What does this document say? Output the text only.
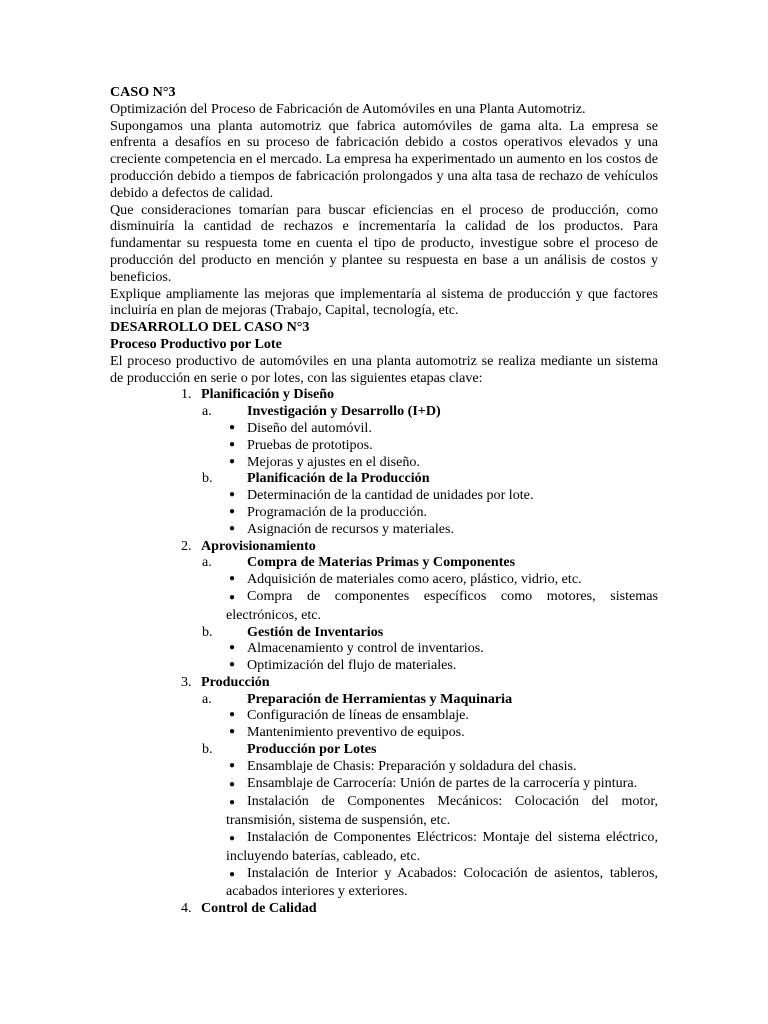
CASO N°3
Optimización del Proceso de Fabricación de Automóviles en una Planta Automotriz.
Supongamos una planta automotriz que fabrica automóviles de gama alta. La empresa se enfrenta a desafíos en su proceso de fabricación debido a costos operativos elevados y una creciente competencia en el mercado. La empresa ha experimentado un aumento en los costos de producción debido a tiempos de fabricación prolongados y una alta tasa de rechazo de vehículos debido a defectos de calidad.
Que consideraciones tomarían para buscar eficiencias en el proceso de producción, como disminuiría la cantidad de rechazos e incrementaría la calidad de los productos. Para fundamentar su respuesta tome en cuenta el tipo de producto, investigue sobre el proceso de producción del producto en mención y plantee su respuesta en base a un análisis de costos y beneficios.
Explique ampliamente las mejoras que implementaría al sistema de producción y que factores incluiría en plan de mejoras (Trabajo, Capital, tecnología, etc.
DESARROLLO DEL CASO N°3
Proceso Productivo por Lote
El proceso productivo de automóviles en una planta automotriz se realiza mediante un sistema de producción en serie o por lotes, con las siguientes etapas clave:
1. Planificación y Diseño
a.	Investigación y Desarrollo (I+D)
● Diseño del automóvil.
● Pruebas de prototipos.
● Mejoras y ajustes en el diseño.
b.	Planificación de la Producción
● Determinación de la cantidad de unidades por lote.
● Programación de la producción.
● Asignación de recursos y materiales.
2. Aprovisionamiento
a.	Compra de Materias Primas y Componentes
● Adquisición de materiales como acero, plástico, vidrio, etc.
● Compra de componentes específicos como motores, sistemas electrónicos, etc.
b.	Gestión de Inventarios
● Almacenamiento y control de inventarios.
● Optimización del flujo de materiales.
3. Producción
a.	Preparación de Herramientas y Maquinaria
● Configuración de líneas de ensamblaje.
● Mantenimiento preventivo de equipos.
b.	Producción por Lotes
● Ensamblaje de Chasis: Preparación y soldadura del chasis.
● Ensamblaje de Carrocería: Unión de partes de la carrocería y pintura.
● Instalación de Componentes Mecánicos: Colocación del motor, transmisión, sistema de suspensión, etc.
● Instalación de Componentes Eléctricos: Montaje del sistema eléctrico, incluyendo baterías, cableado, etc.
● Instalación de Interior y Acabados: Colocación de asientos, tableros, acabados interiores y exteriores.
4. Control de Calidad
